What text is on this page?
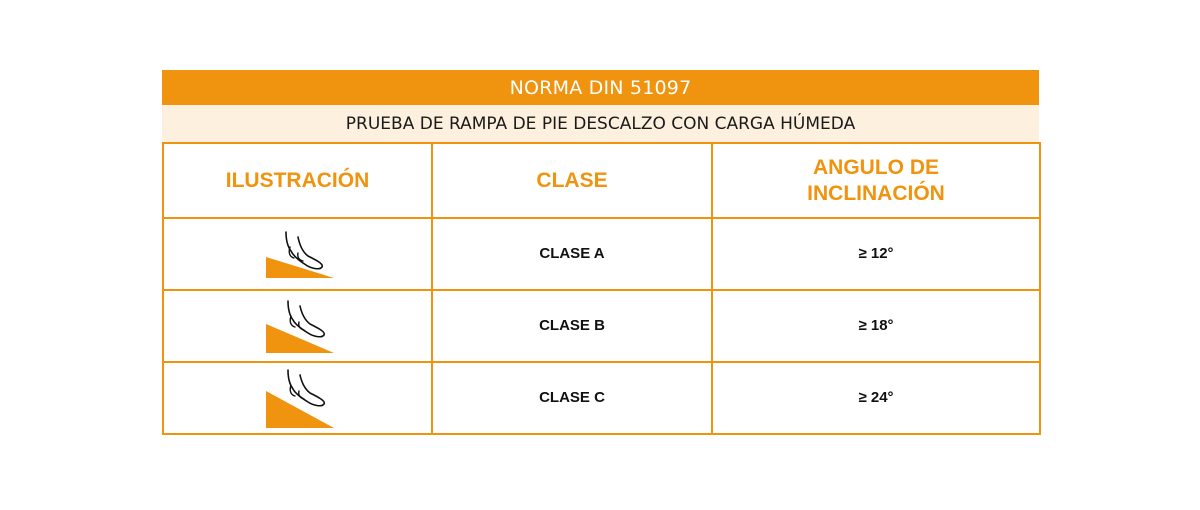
NORMA DIN 51097
PRUEBA DE RAMPA DE PIE DESCALZO CON CARGA HÚMEDA
ILUSTRACIÓN	CLASE	ANGULO DE
INCLINACIÓN

	CLASE A	≥ 12°

	CLASE B	≥ 18°

	CLASE C	≥ 24°
